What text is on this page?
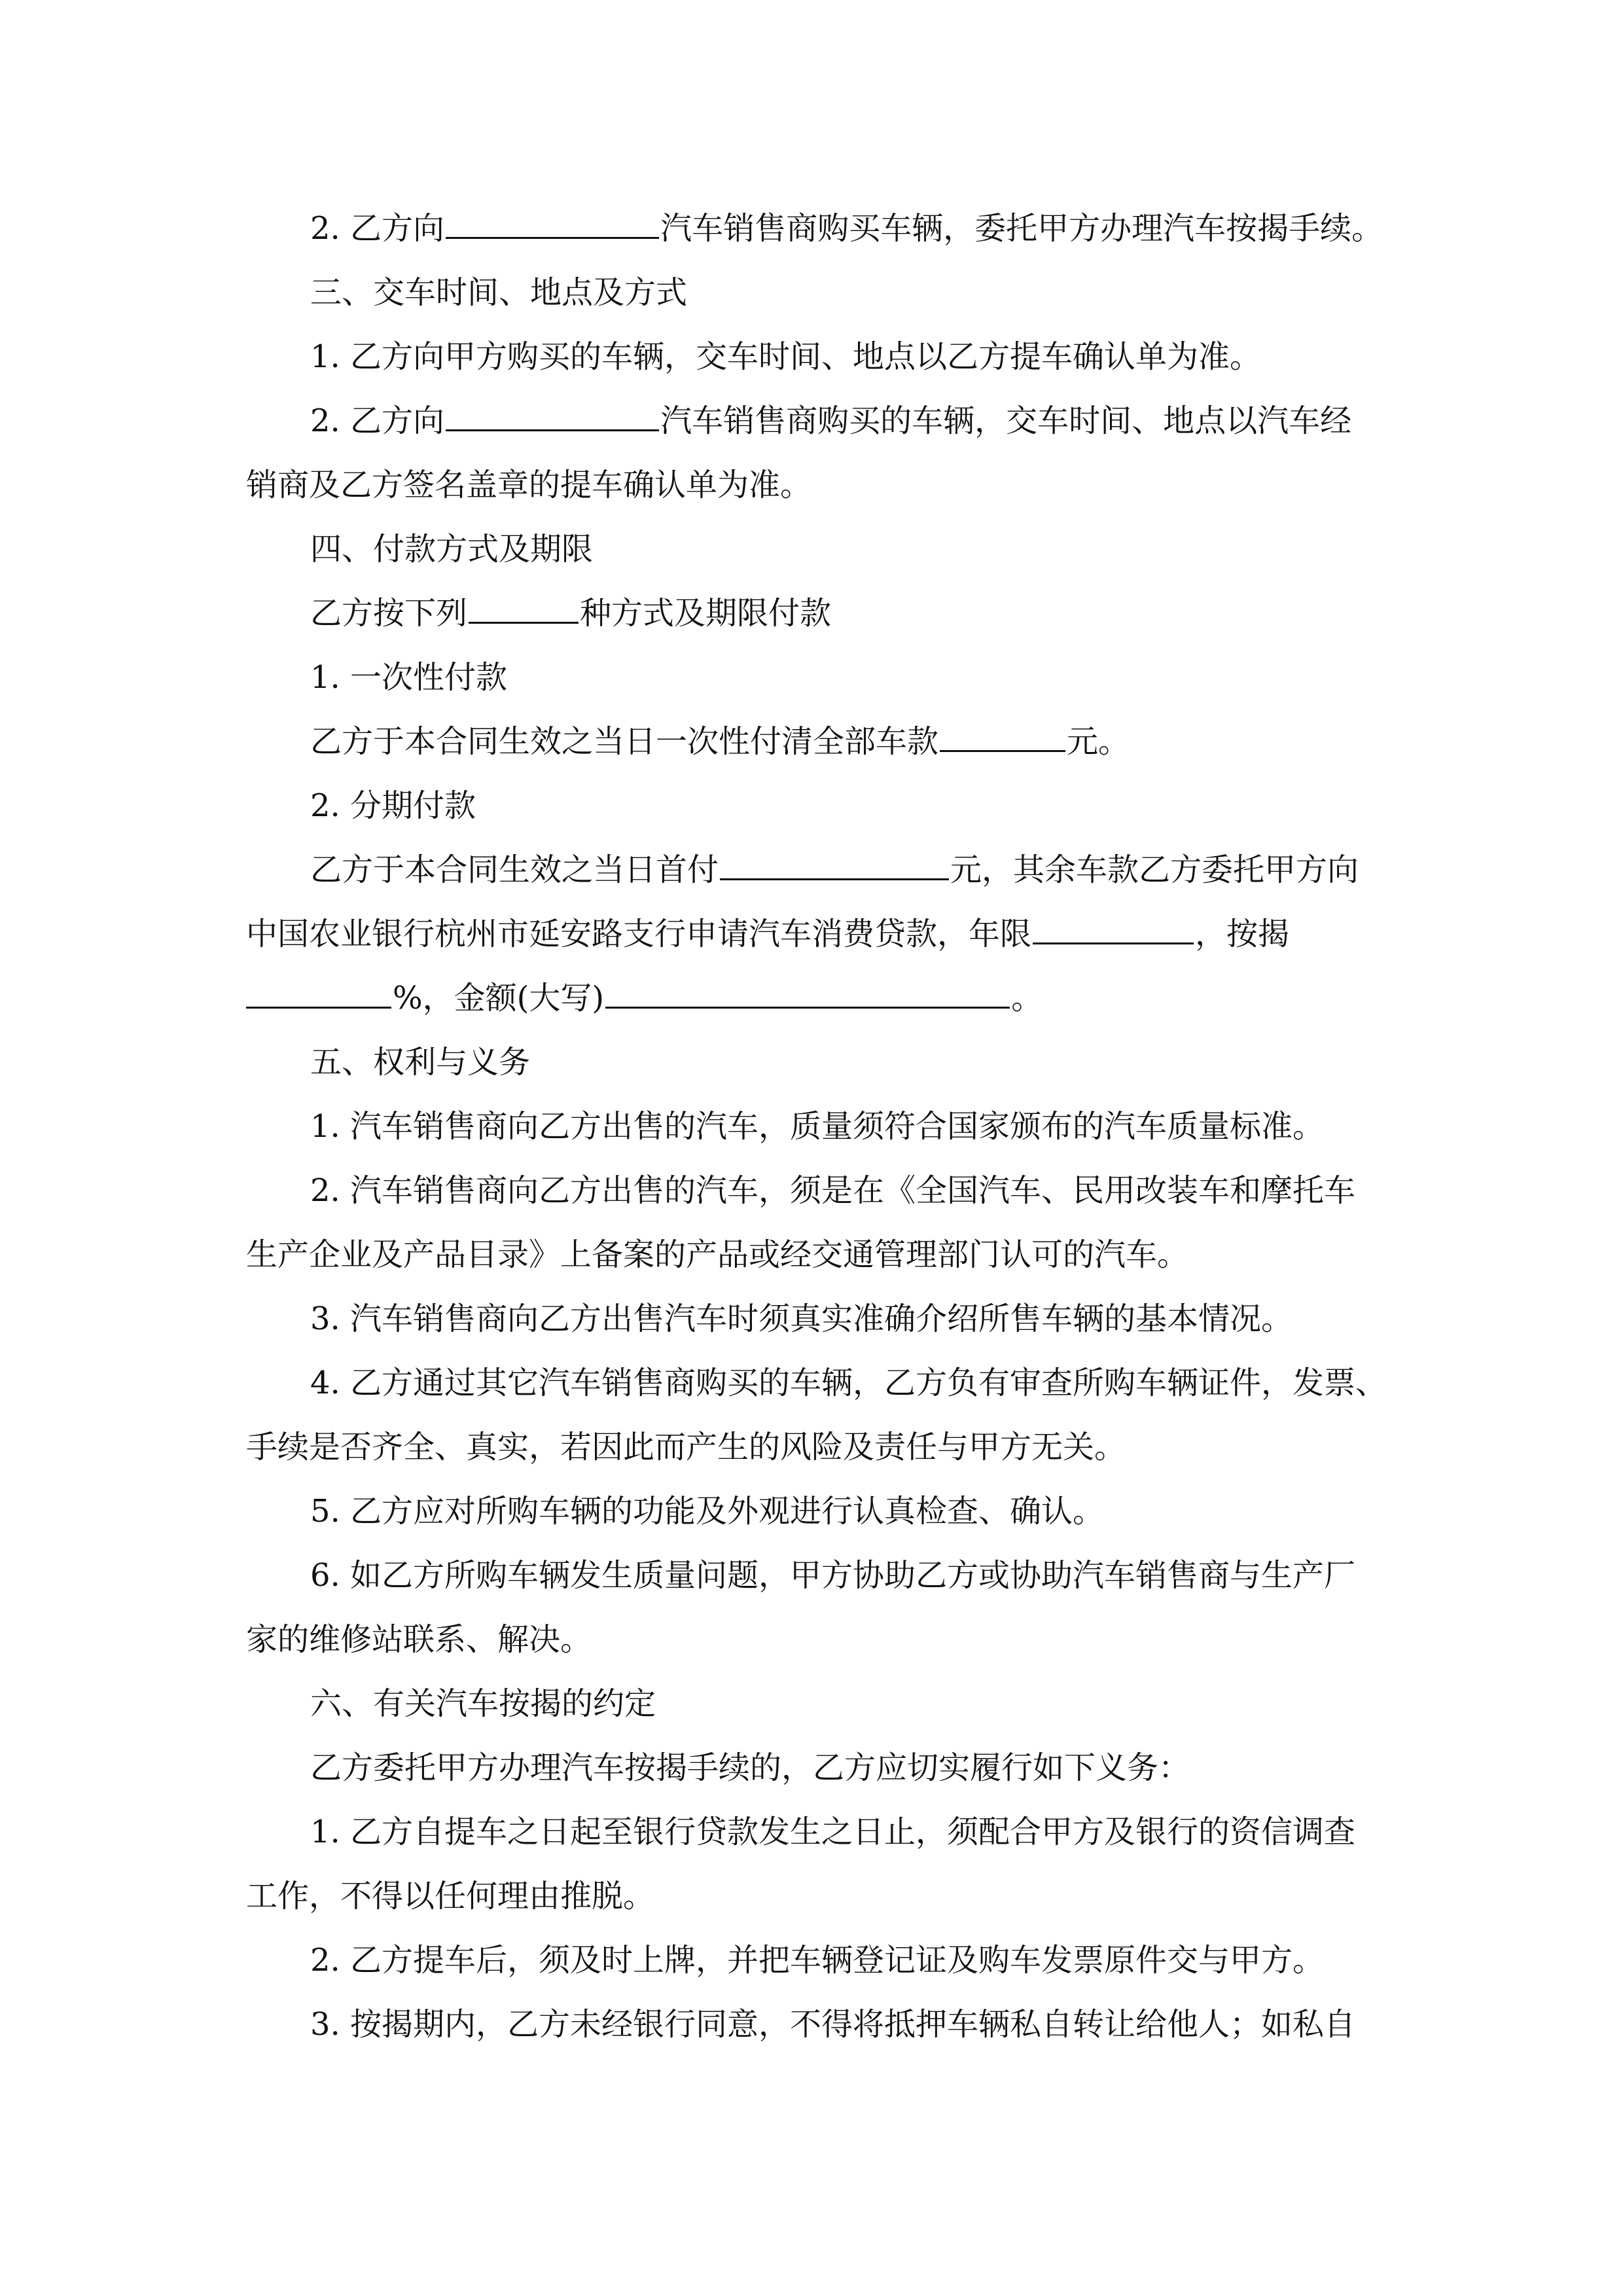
2. 乙方向	汽车销售商购买车辆，委托甲方办理汽车按揭手续。

三、交车时间、地点及方式

1. 乙方向甲方购买的车辆，交车时间、地点以乙方提车确认单为准。

2. 乙方向	汽车销售商购买的车辆，交车时间、地点以汽车经

销商及乙方签名盖章的提车确认单为准。

四、付款方式及期限

乙方按下列	种方式及期限付款

1. 一次性付款

乙方于本合同生效之当日一次性付清全部车款	元。

2. 分期付款

乙方于本合同生效之当日首付	元，其余车款乙方委托甲方向

中国农业银行杭州市延安路支行申请汽车消费贷款，年限	，按揭

%，金额(大写)	。

五、权利与义务

1. 汽车销售商向乙方出售的汽车，质量须符合国家颁布的汽车质量标准。

2. 汽车销售商向乙方出售的汽车，须是在《全国汽车、民用改装车和摩托车

生产企业及产品目录》上备案的产品或经交通管理部门认可的汽车。

3. 汽车销售商向乙方出售汽车时须真实准确介绍所售车辆的基本情况。

4. 乙方通过其它汽车销售商购买的车辆，乙方负有审查所购车辆证件，发票、

手续是否齐全、真实，若因此而产生的风险及责任与甲方无关。

5. 乙方应对所购车辆的功能及外观进行认真检查、确认。

6. 如乙方所购车辆发生质量问题，甲方协助乙方或协助汽车销售商与生产厂

家的维修站联系、解决。

六、有关汽车按揭的约定

乙方委托甲方办理汽车按揭手续的，乙方应切实履行如下义务：

1. 乙方自提车之日起至银行贷款发生之日止，须配合甲方及银行的资信调查

工作，不得以任何理由推脱。

2. 乙方提车后，须及时上牌，并把车辆登记证及购车发票原件交与甲方。

3. 按揭期内，乙方未经银行同意，不得将抵押车辆私自转让给他人；如私自
